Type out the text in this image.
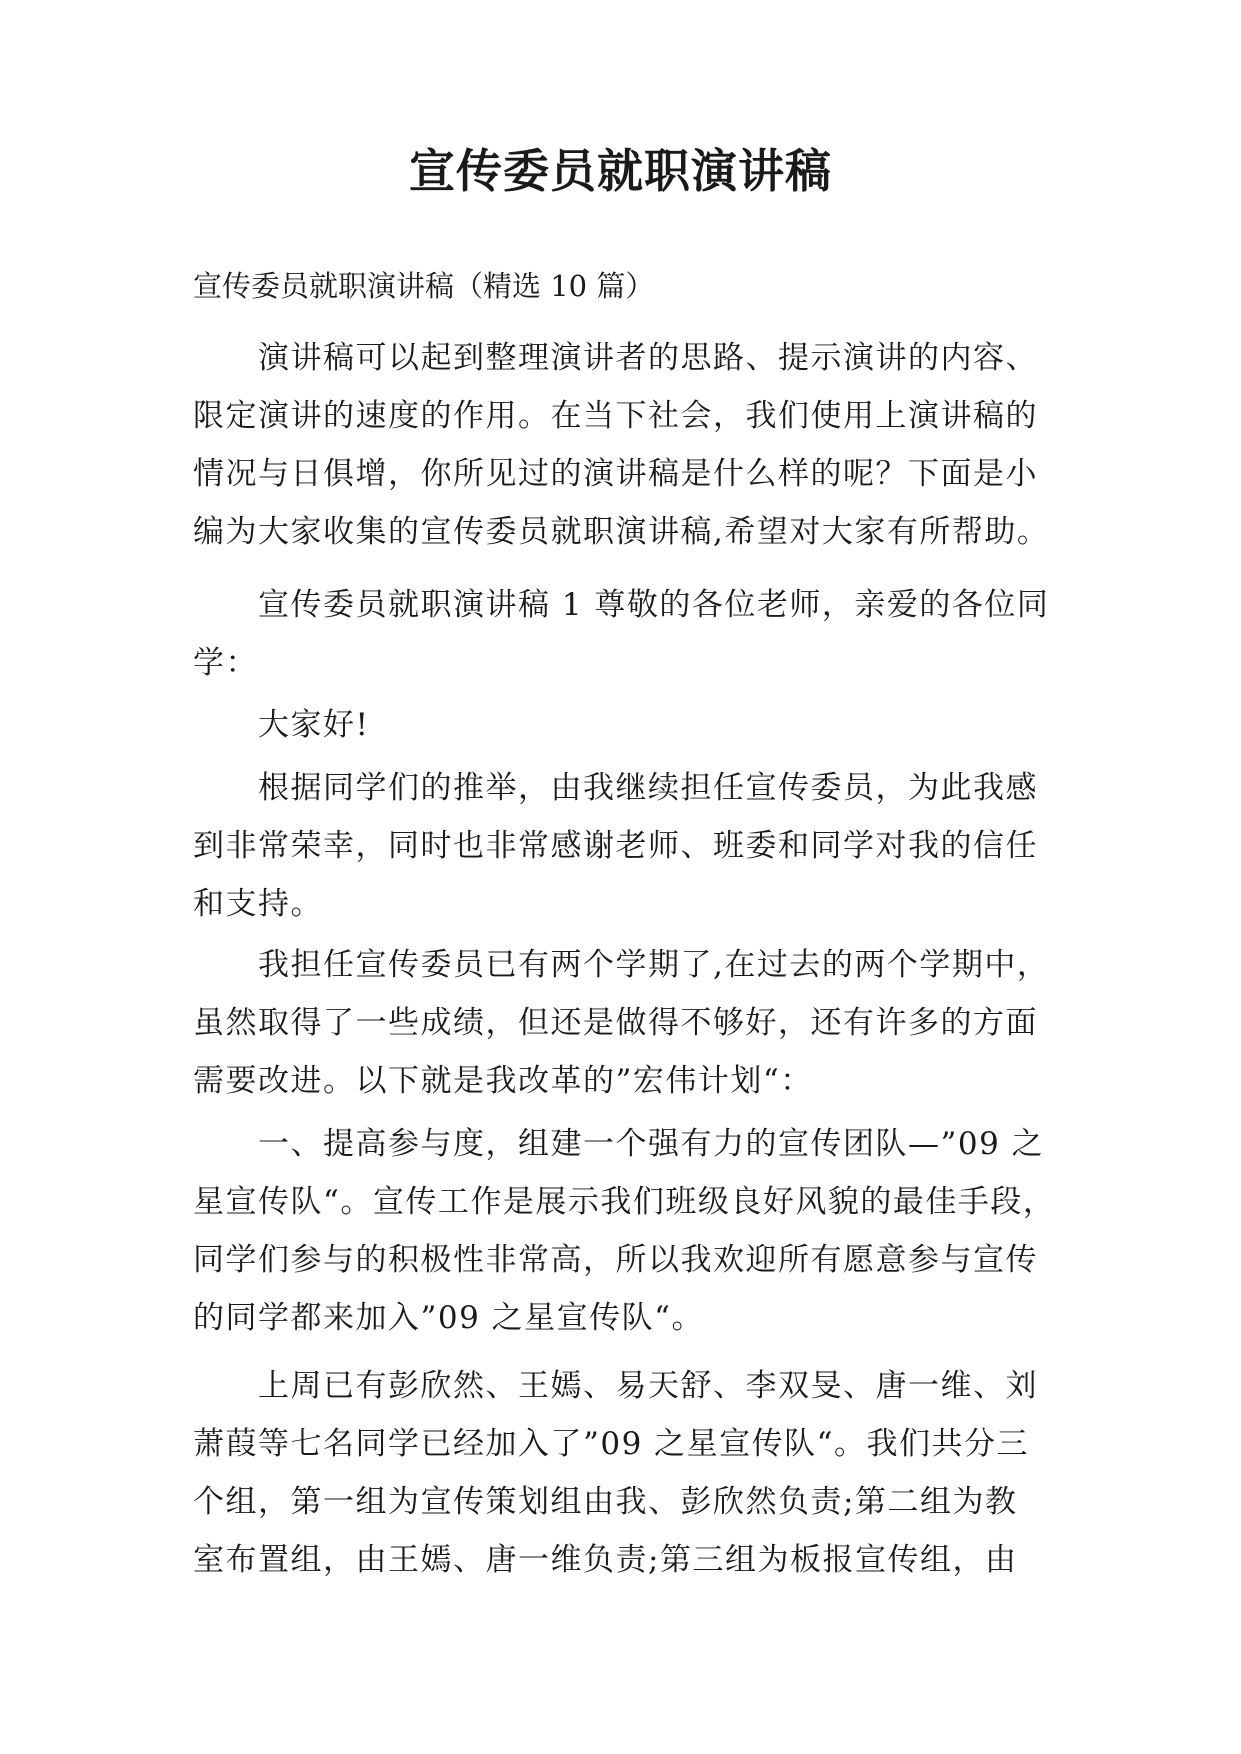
宣传委员就职演讲稿

宣传委员就职演讲稿（精选 10 篇）

演讲稿可以起到整理演讲者的思路、提示演讲的内容、

限定演讲的速度的作用。在当下社会，我们使用上演讲稿的

情况与日俱增，你所见过的演讲稿是什么样的呢？下面是小

编为大家收集的宣传委员就职演讲稿,希望对大家有所帮助。

宣传委员就职演讲稿 1 尊敬的各位老师，亲爱的各位同

学：

大家好!

根据同学们的推举，由我继续担任宣传委员，为此我感

到非常荣幸，同时也非常感谢老师、班委和同学对我的信任

和支持。

我担任宣传委员已有两个学期了,在过去的两个学期中，

虽然取得了一些成绩，但还是做得不够好，还有许多的方面

需要改进。以下就是我改革的”宏伟计划“：

一、提高参与度，组建一个强有力的宣传团队—”09 之

星宣传队“。宣传工作是展示我们班级良好风貌的最佳手段，

同学们参与的积极性非常高，所以我欢迎所有愿意参与宣传

的同学都来加入”09 之星宣传队“。

上周已有彭欣然、王嫣、易天舒、李双旻、唐一维、刘

萧葭等七名同学已经加入了”09 之星宣传队“。我们共分三

个组，第一组为宣传策划组由我、彭欣然负责;第二组为教

室布置组，由王嫣、唐一维负责;第三组为板报宣传组，由
